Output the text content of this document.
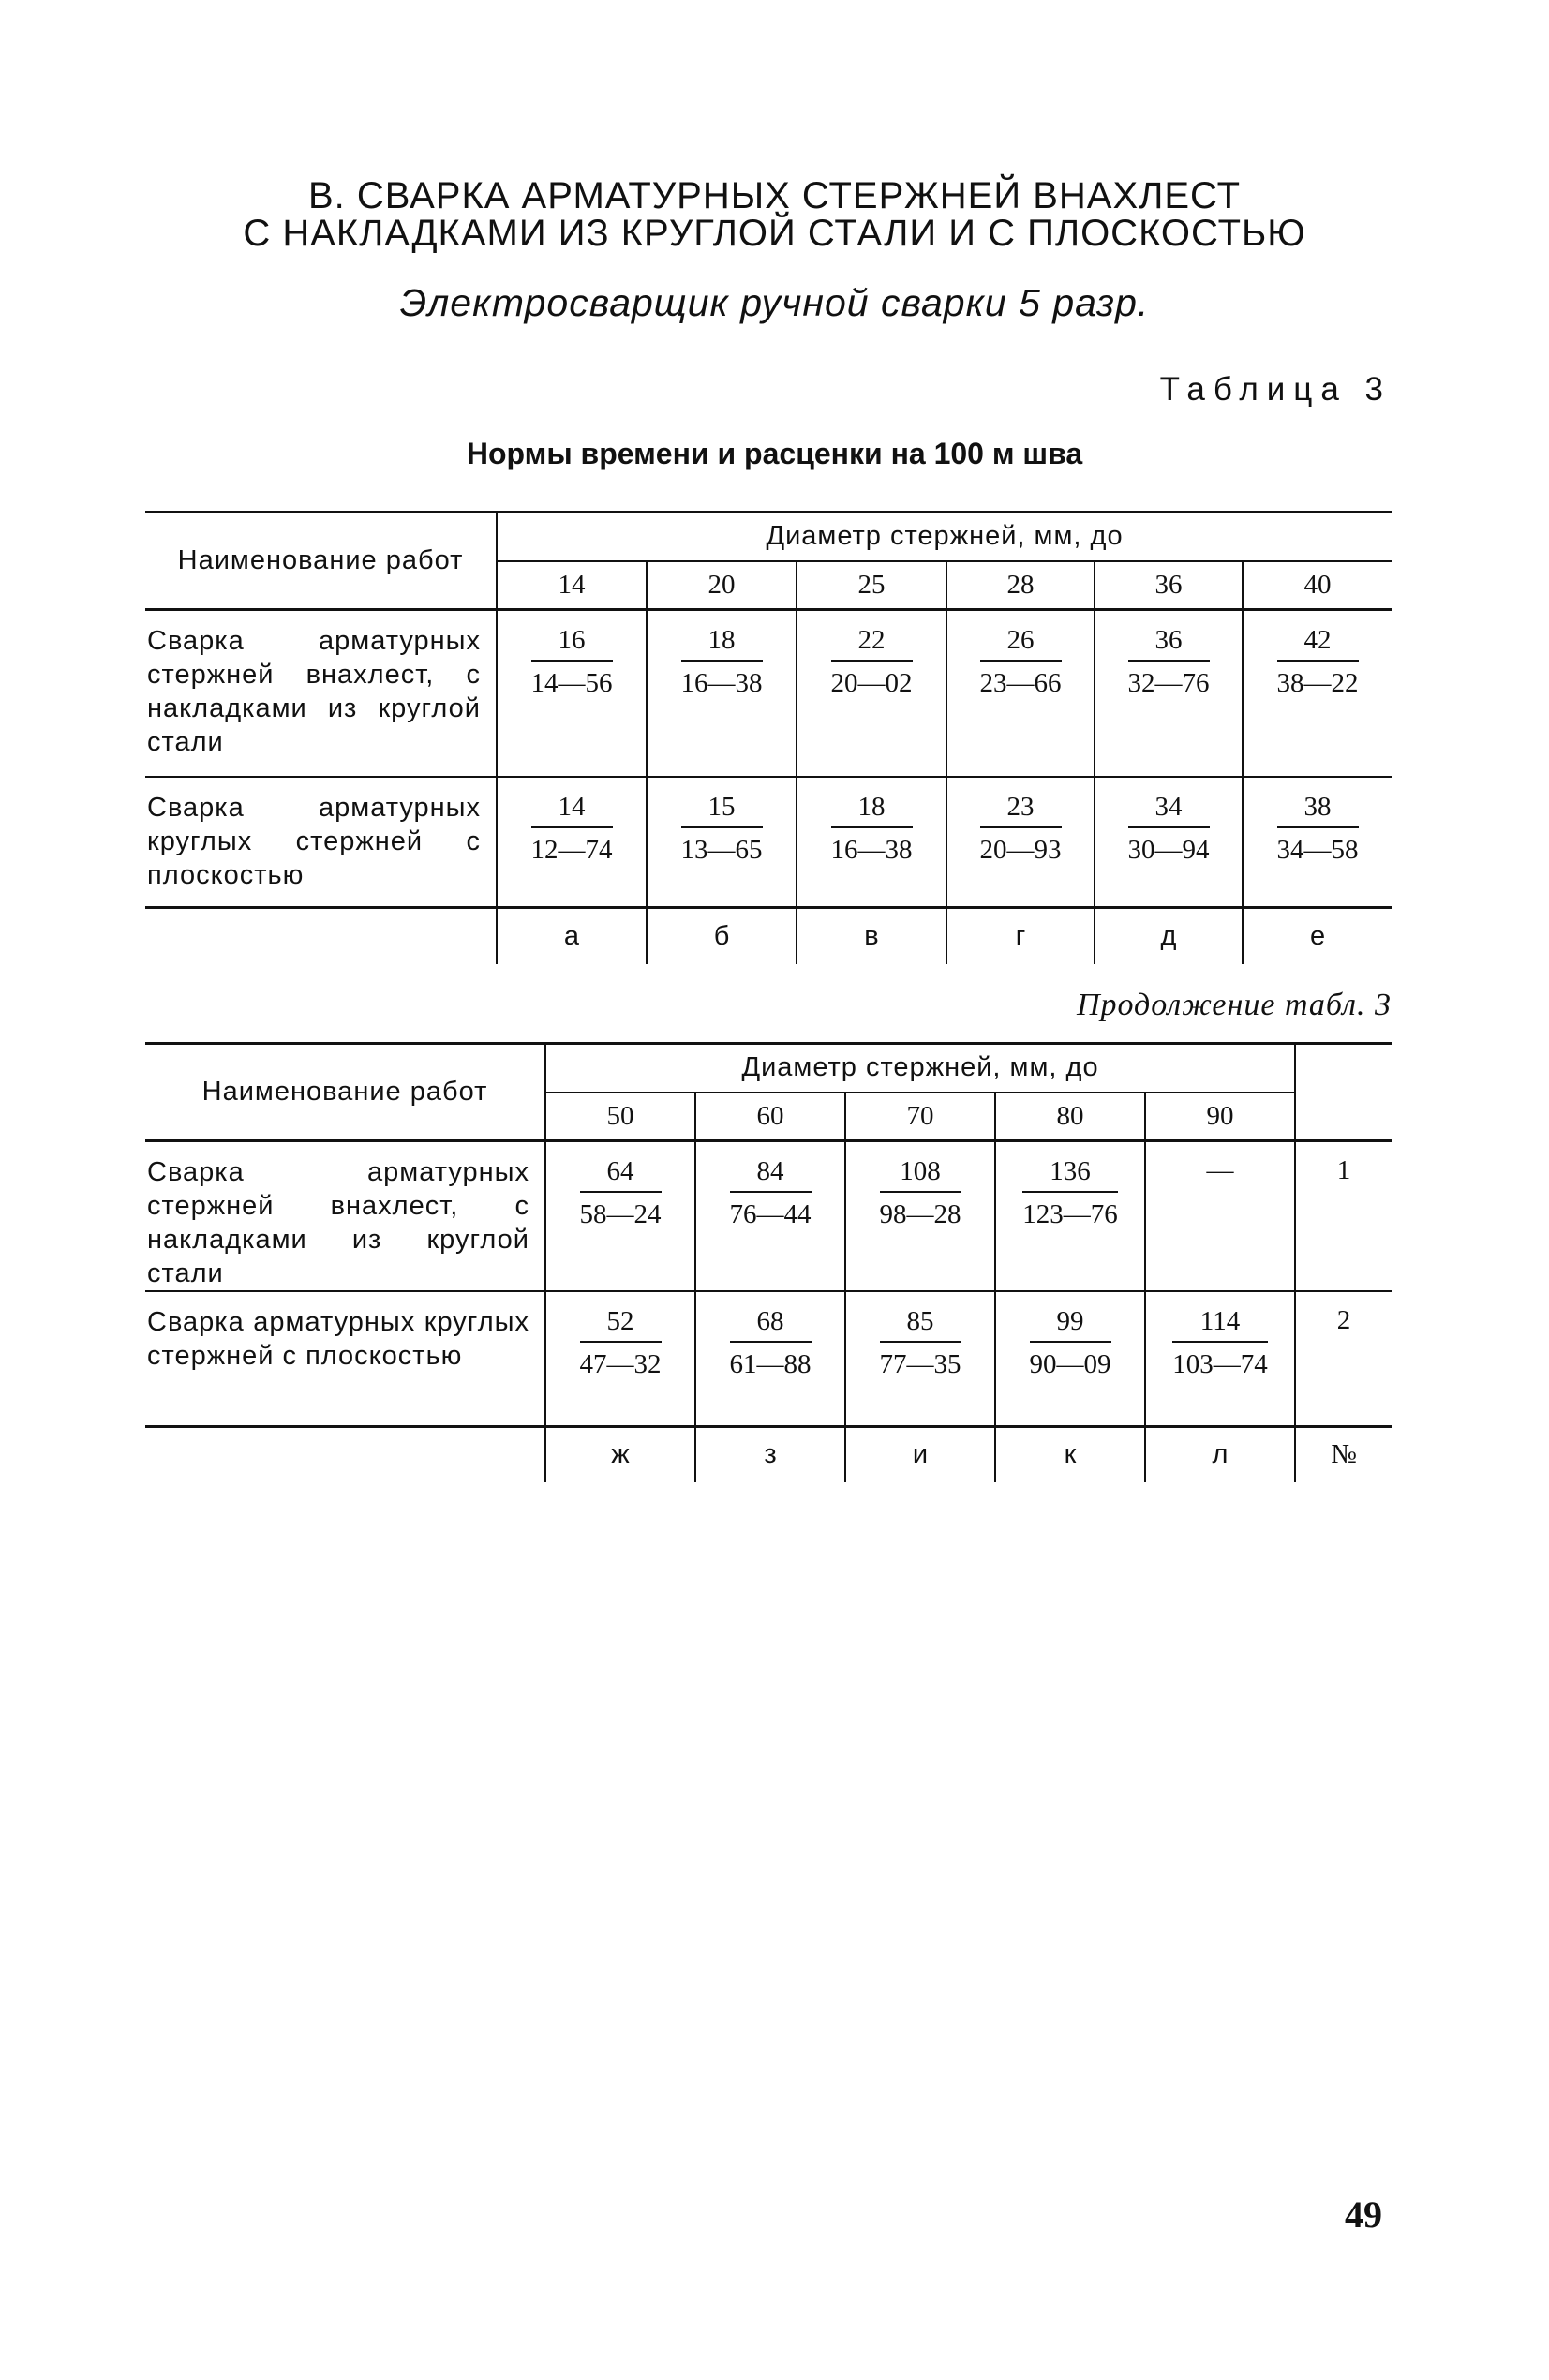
В. СВАРКА АРМАТУРНЫХ СТЕРЖНЕЙ ВНАХЛЕСТ
С НАКЛАДКАМИ ИЗ КРУГЛОЙ СТАЛИ И С ПЛОСКОСТЬЮ
Электросварщик ручной сварки 5 разр.
Таблица 3
Нормы времени и расценки на 100 м шва
Наименование работ	Диаметр стержней, мм, до					
	14	20	25	28	36	40
Сварка арматурных стержней внахлест, с накладками из круглой стали	$\frac{16}{14—56}$	$\frac{18}{16—38}$	$\frac{22}{20—02}$	$\frac{26}{23—66}$	$\frac{36}{32—76}$	$\frac{42}{38—22}$

Сварка арматурных круглых стержней с плоскостью	$\frac{14}{12—74}$	$\frac{15}{13—65}$	$\frac{18}{16—38}$	$\frac{23}{20—93}$	$\frac{34}{30—94}$	$\frac{38}{34—58}$

	а	б	в	г	д	е
Продолжение табл. 3
Наименование работ	Диаметр стержней, мм, до					
	50	60	70	80	90	
Сварка арматурных стержней внахлест, с накладками из круглой стали	$\frac{64}{58—24}$	$\frac{84}{76—44}$	$\frac{108}{98—28}$	$\frac{136}{123—76}$	—	1
Сварка арматурных круглых стержней с плоскостью	$\frac{52}{47—32}$	$\frac{68}{61—88}$	$\frac{85}{77—35}$	$\frac{99}{90—09}$	$\frac{114}{103—74}$	2
	ж	з	и	к	л	№
49
